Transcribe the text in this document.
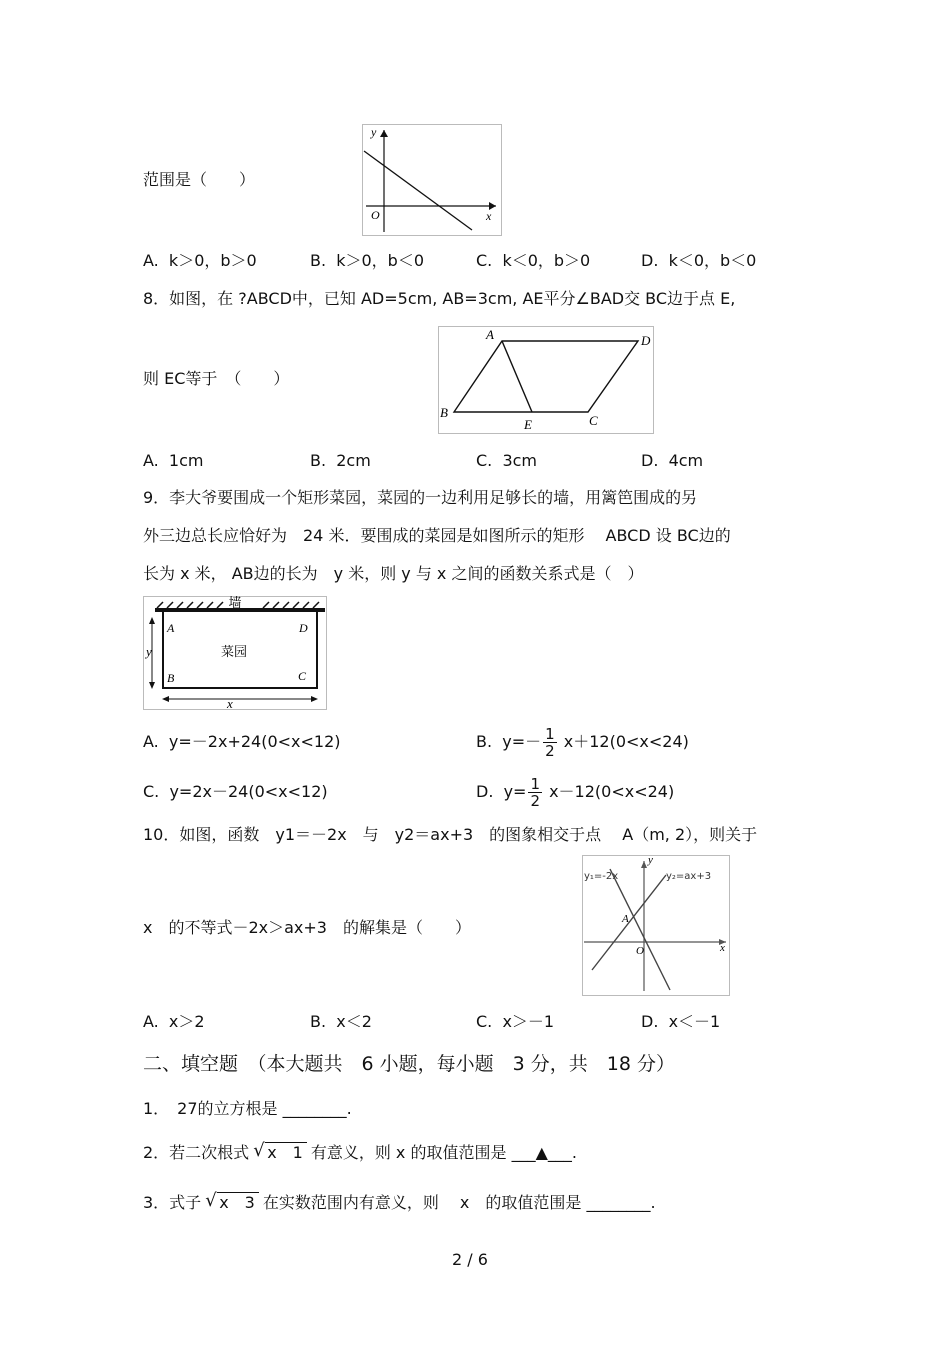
范围是（　　）
y
x
O
A. k＞0，b＞0	B. k＞0，b＜0	C. k＜0，b＞0	D. k＜0，b＜0
8．如图，在 ?ABCD中，已知 AD=5cm, AB=3cm, AE平分∠BAD交 BC边于点 E,
则 EC等于　（　　）
A	D
B
E	C
A. 1cm	B. 2cm	C. 3cm	D. 4cm
9．李大爷要围成一个矩形菜园，菜园的一边利用足够长的墙，用篱笆围成的另
外三边总长应恰好为　24 米．要围成的菜园是如图所示的矩形　 ABCD 设 BC边的
长为 x 米， AB边的长为　y 米，则 y 与 x 之间的函数关系式是（　）
墙
y
x
A	D
B	C
菜园
A. y=－2x+24(0<x<12)	B. $y=- \frac{1}{2} x+12(0<x<24)$
C. y=2x－24(0<x<12)	D. $y= \frac{1}{2} x-12(0<x<24)$
10．如图，函数　y1＝－2x　与　y2＝ax+3　的图象相交于点　 A（m, 2），则关于
x　的不等式－2x＞ax+3　的解集是（　　）
y₁=-2x	y₂=ax+3
A
O	x
y
A. x＞2	B. x＜2	C. x＞－1	D. x＜－1
二、填空题　（本大题共　6 小题，每小题　3 分，共　18 分）
1．　27的立方根是 ________.
2．若二次根式 √ x　1 有意义，则 x 的取值范围是 ___▲___.
3．式子 √ x　3 在实数范围内有意义，则　 x　的取值范围是 ________.
2 / 6
